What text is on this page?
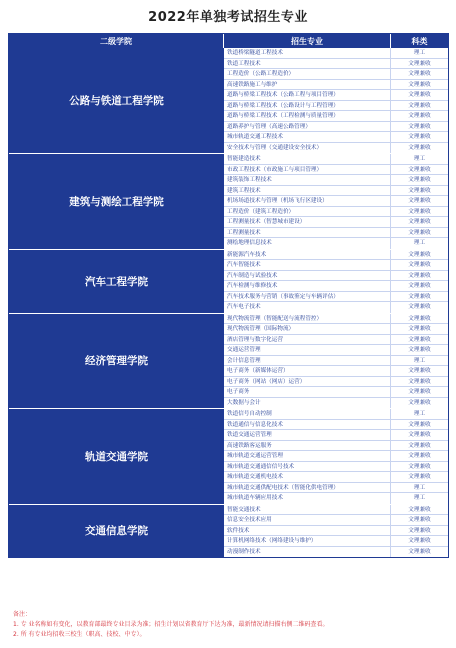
2022年单独考试招生专业
二级学院	招生专业	科类
公路与铁道工程学院
铁道桥梁隧道工程技术	理工
铁道工程技术	文理兼收
工程造价（公路工程造价）	文理兼收
高速铁路施工与维护	文理兼收
道路与桥梁工程技术（公路工程与项目管理）	文理兼收
道路与桥梁工程技术（公路设计与工程管理）	文理兼收
道路与桥梁工程技术（工程检测与质量管理）	文理兼收
道路养护与管理（高速公路管理）	文理兼收
城市轨道交通工程技术	文理兼收
安全技术与管理（交通建设安全技术）	文理兼收
建筑与测绘工程学院
智能建造技术	理工
市政工程技术（市政施工与项目管理）	文理兼收
建筑装饰工程技术	文理兼收
建筑工程技术	文理兼收
机场场道技术与管理（机场飞行区建设）	文理兼收
工程造价（建筑工程造价）	文理兼收
工程测量技术（智慧城市建设）	文理兼收
工程测量技术	文理兼收
测绘地理信息技术	理工
汽车工程学院
新能源汽车技术	文理兼收
汽车智能技术	文理兼收
汽车制造与试验技术	文理兼收
汽车检测与维修技术	文理兼收
汽车技术服务与营销（事故鉴定与车辆评估）	文理兼收
汽车电子技术	文理兼收
经济管理学院
现代物流管理（智能配送与流程管控）	文理兼收
现代物流管理（国际物流）	文理兼收
酒店管理与数字化运营	文理兼收
交通运营管理	文理兼收
会计信息管理	理工
电子商务（新媒体运营）	文理兼收
电子商务（网站（网店）运营）	文理兼收
电子商务	文理兼收
大数据与会计	文理兼收
轨道交通学院
铁道信号自动控制	理工
铁道通信与信息化技术	文理兼收
铁道交通运营管理	文理兼收
高速铁路客运服务	文理兼收
城市轨道交通运营管理	文理兼收
城市轨道交通通信信号技术	文理兼收
城市轨道交通机电技术	文理兼收
城市轨道交通供配电技术（智能化供电管理）	理工
城市轨道车辆应用技术	理工
交通信息学院
智能交通技术	文理兼收
信息安全技术应用	文理兼收
软件技术	文理兼收
计算机网络技术（网络建设与维护）	文理兼收
动漫制作技术	文理兼收
备注：
1. 专 业名称如有变化，以教育部最终专业目录为准；招生计划以省教育厅下达为准，最新情况请扫描右侧二维码查看。
2. 所 有专业均招收三校生（职高、技校、中专）。
